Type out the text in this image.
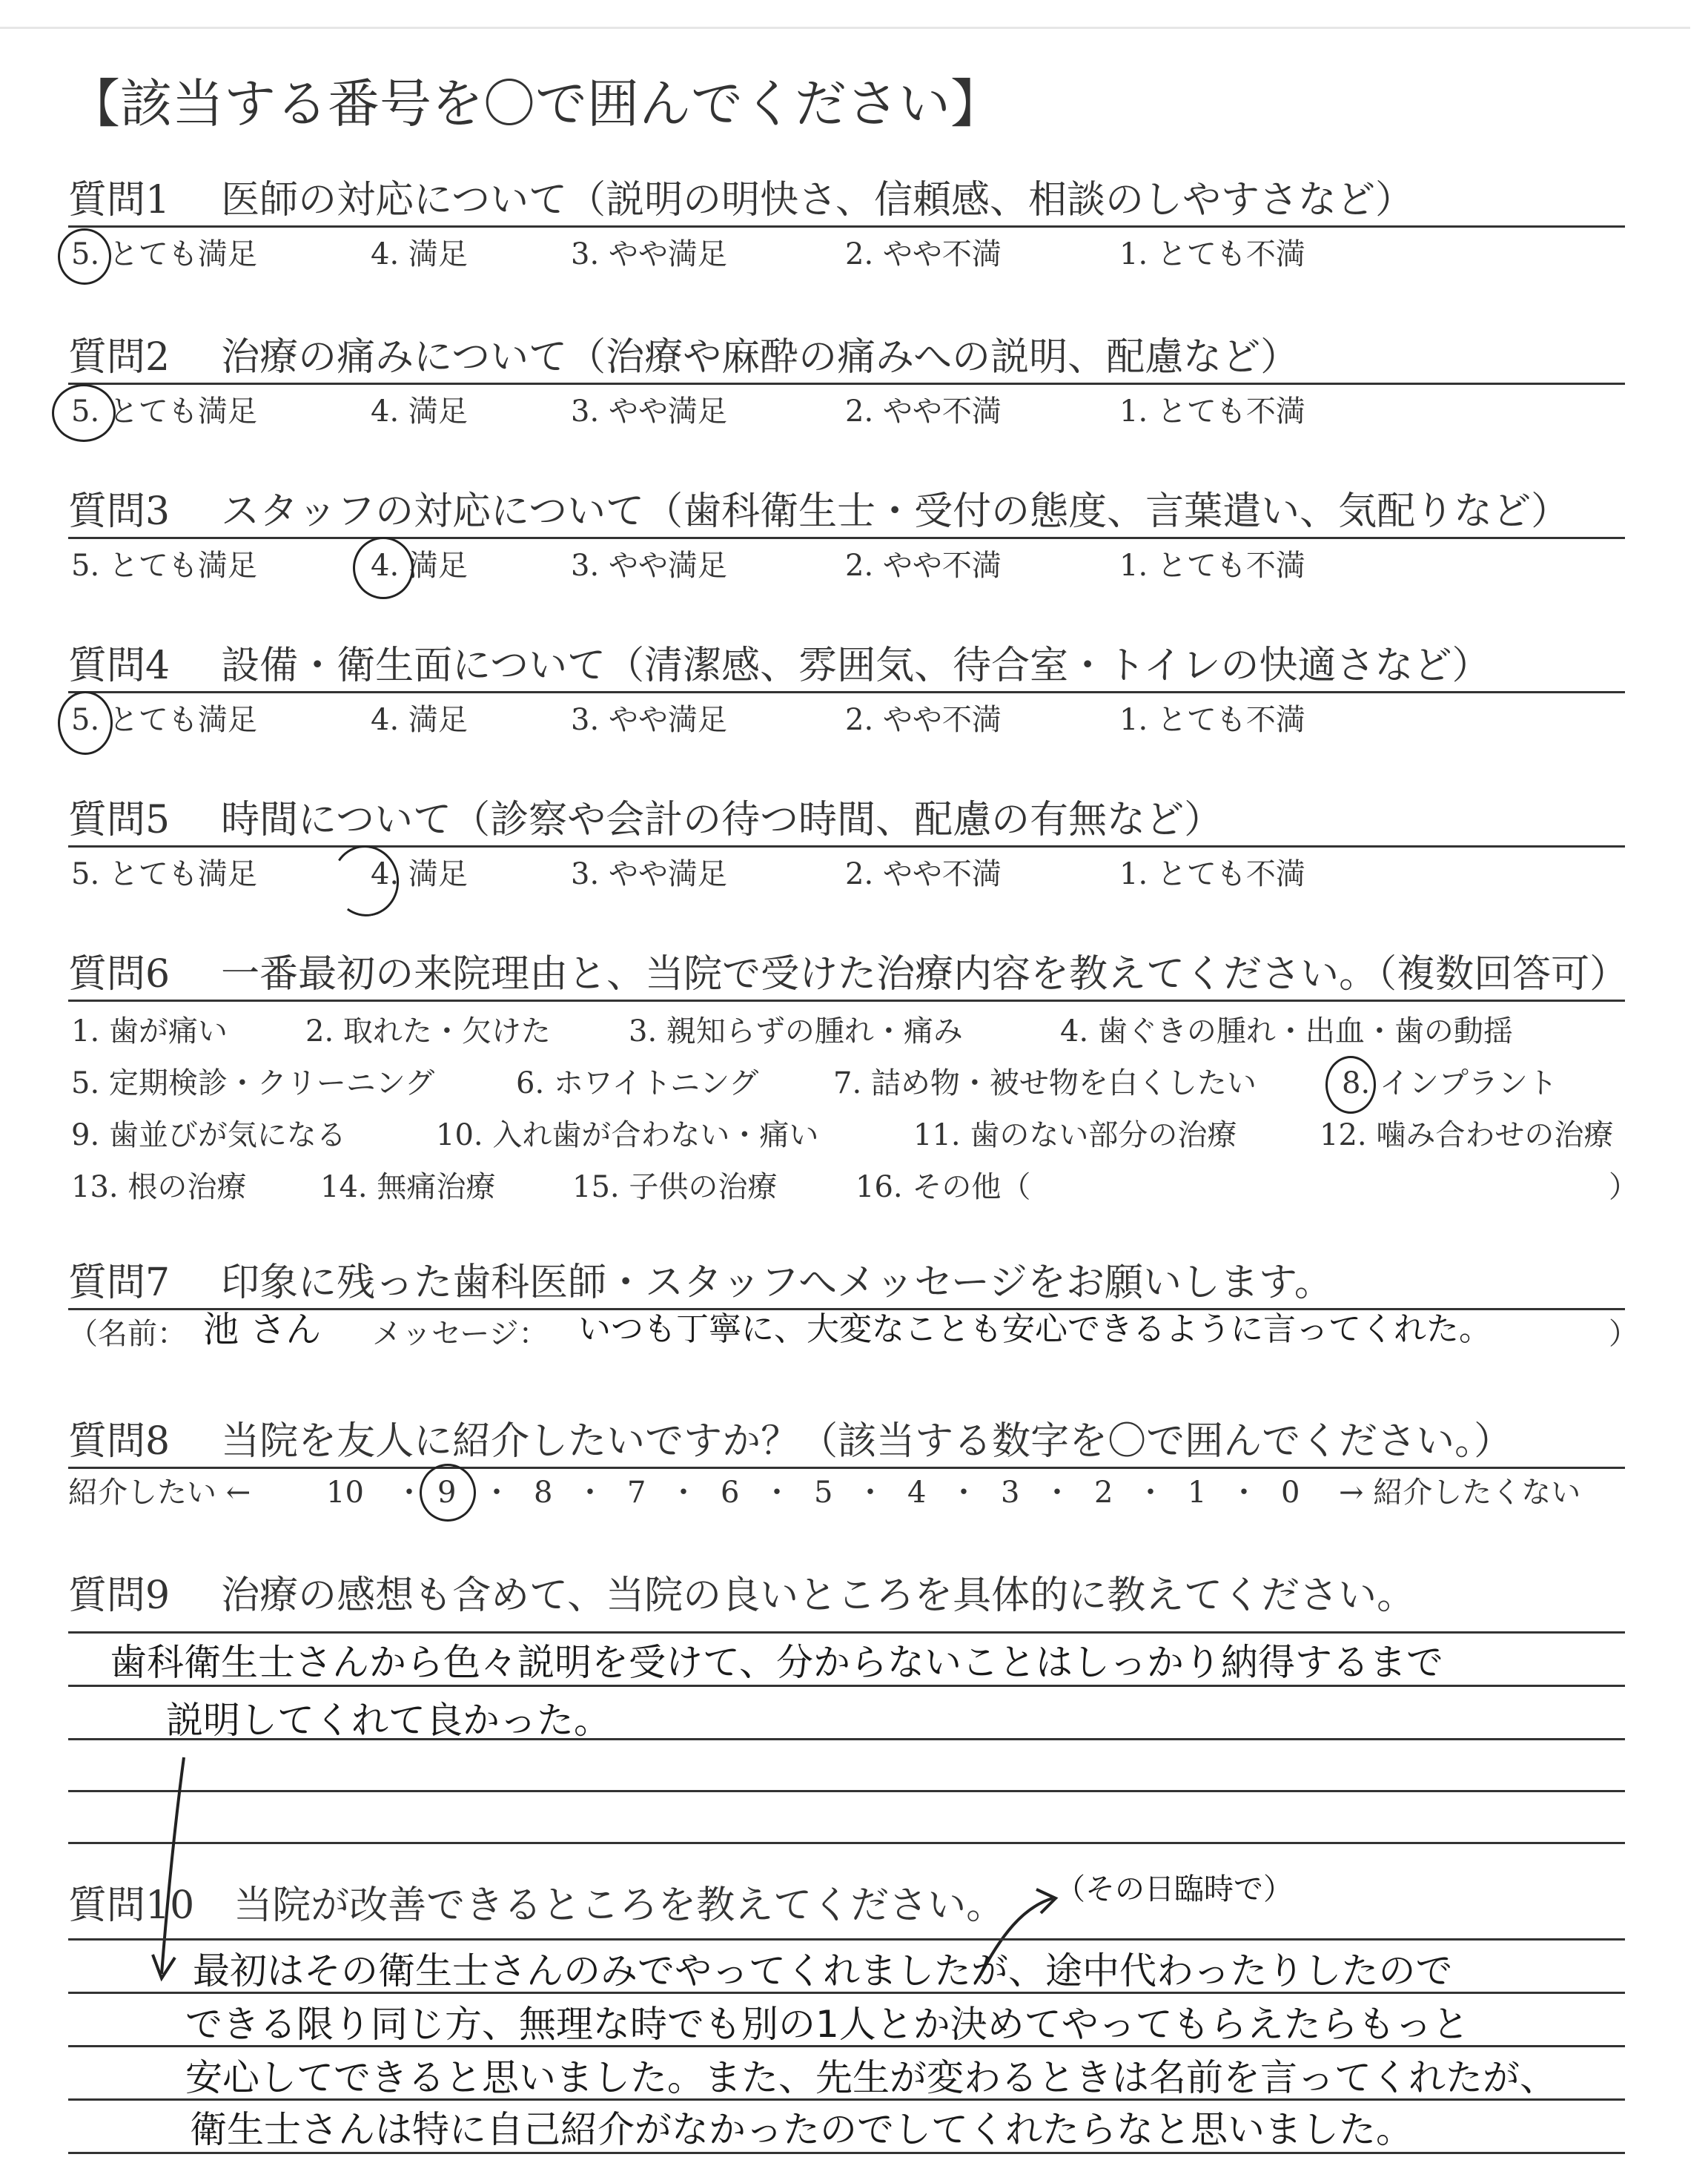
【該当する番号を〇で囲んでください】
質問1 医師の対応について（説明の明快さ、信頼感、相談のしやすさなど）
5. とても満足	4. 満足	3. やや満足	2. やや不満	1. とても不満
質問2 治療の痛みについて（治療や麻酔の痛みへの説明、配慮など）
5. とても満足	4. 満足	3. やや満足	2. やや不満	1. とても不満
質問3 スタッフの対応について（歯科衛生士・受付の態度、言葉遣い、気配りなど）
5. とても満足	4. 満足	3. やや満足	2. やや不満	1. とても不満
質問4 設備・衛生面について（清潔感、雰囲気、待合室・トイレの快適さなど）
5. とても満足	4. 満足	3. やや満足	2. やや不満	1. とても不満
質問5 時間について（診察や会計の待つ時間、配慮の有無など）
5. とても満足	4. 満足	3. やや満足	2. やや不満	1. とても不満
質問6 一番最初の来院理由と、当院で受けた治療内容を教えてください。（複数回答可）
1. 歯が痛い	2. 取れた・欠けた	3. 親知らずの腫れ・痛み	4. 歯ぐきの腫れ・出血・歯の動揺
5. 定期検診・クリーニング	6. ホワイトニング	7. 詰め物・被せ物を白くしたい	8. インプラント
9. 歯並びが気になる	10. 入れ歯が合わない・痛い	11. 歯のない部分の治療	12. 噛み合わせの治療
13. 根の治療 14. 無痛治療	15. 子供の治療	16. その他（	）
質問7 印象に残った歯科医師・スタッフへメッセージをお願いします。
（名前： 池 さん メッセージ： いつも丁寧に、大変なことも安心できるように言ってくれた。	）
質問8 当院を友人に紹介したいですか？（該当する数字を〇で囲んでください。）
紹介したい ←	10 ・ 9 ・ 8 ・ 7 ・ 6 ・ 5 ・ 4 ・ 3 ・ 2 ・ 1 ・ 0 → 紹介したくない
質問9 治療の感想も含めて、当院の良いところを具体的に教えてください。
歯科衛生士さんから色々説明を受けて、分からないことはしっかり納得するまで
説明してくれて良かった。
質問10 当院が改善できるところを教えてください。 （その日臨時で）
最初はその衛生士さんのみでやってくれましたが、途中代わったりしたので
できる限り同じ方、無理な時でも別の1人とか決めてやってもらえたらもっと
安心してできると思いました。また、先生が変わるときは名前を言ってくれたが、
衛生士さんは特に自己紹介がなかったのでしてくれたらなと思いました。
